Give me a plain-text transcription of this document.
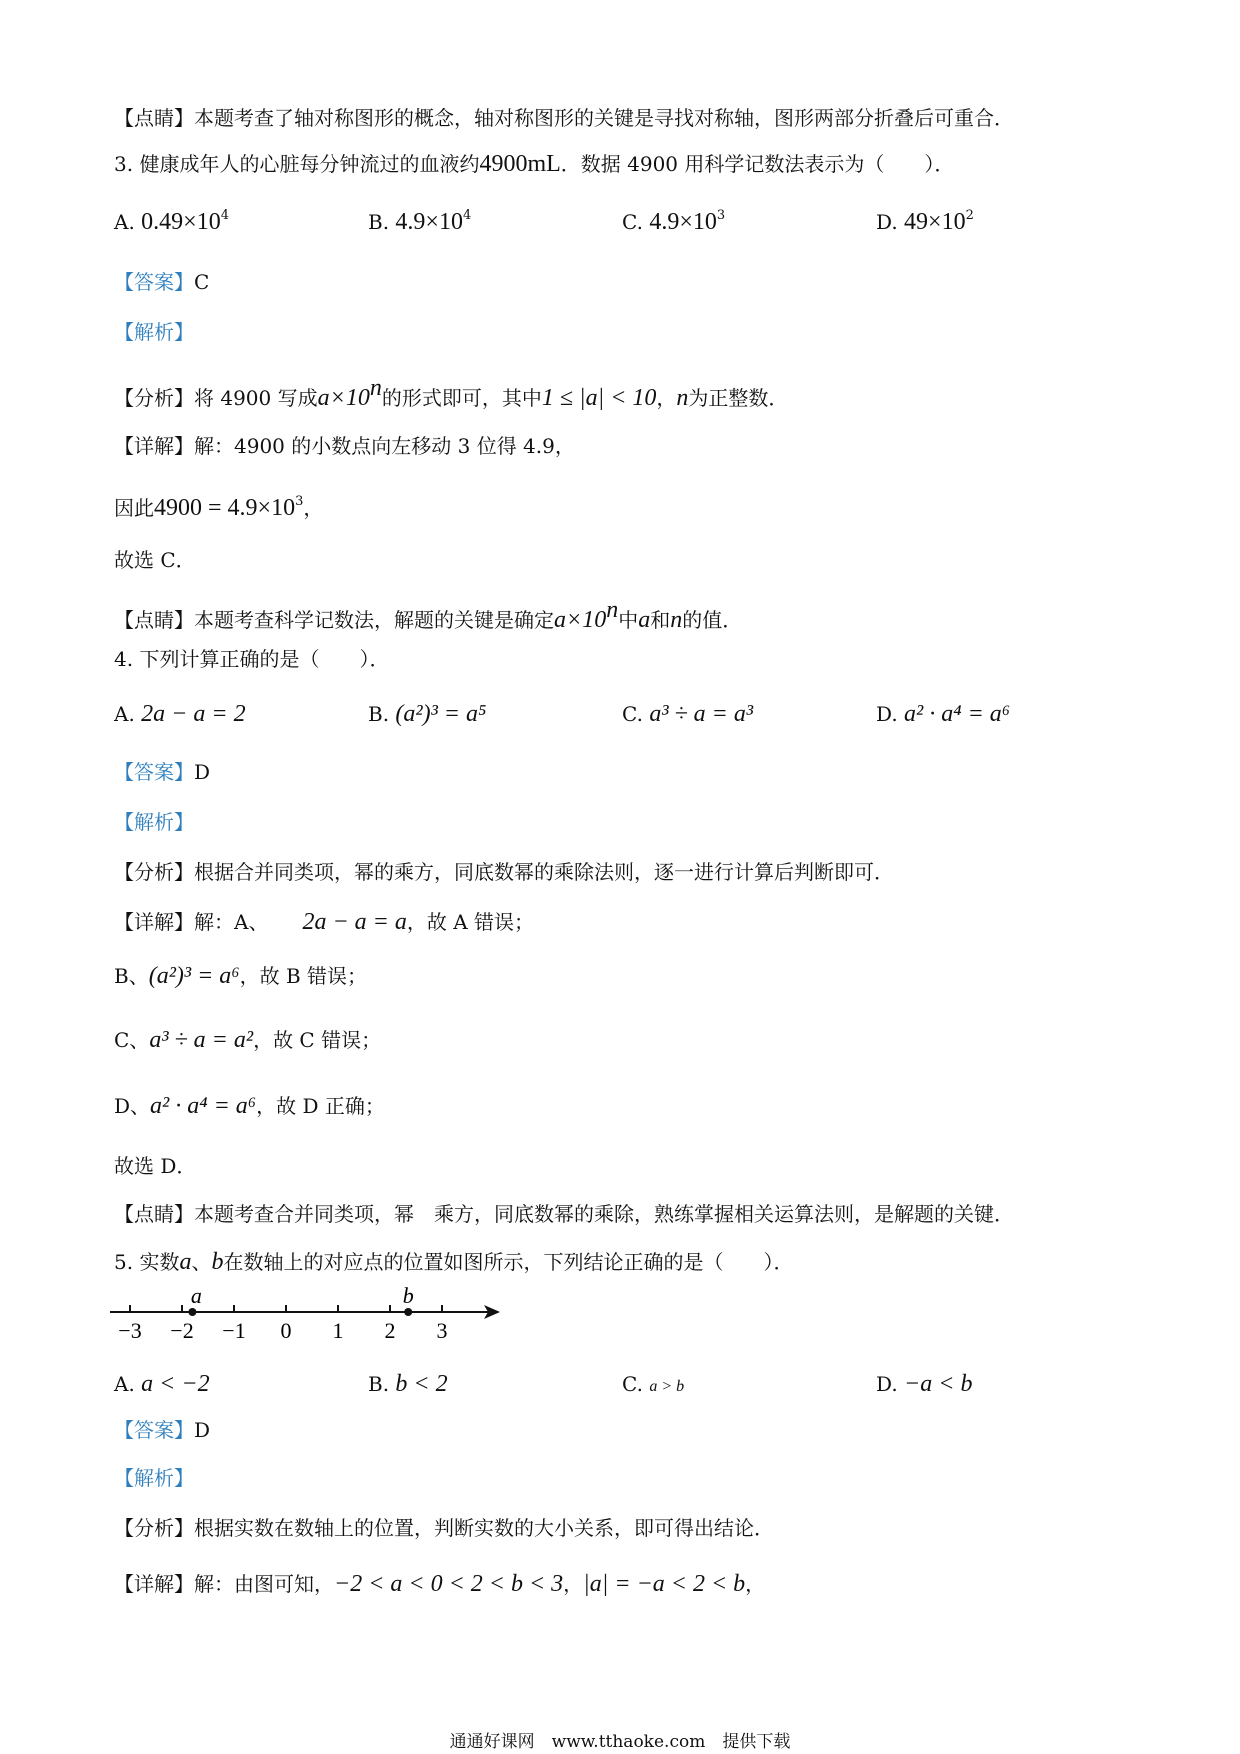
【点睛】本题考查了轴对称图形的概念，轴对称图形的关键是寻找对称轴，图形两部分折叠后可重合．
3. 健康成年人的心脏每分钟流过的血液约4900mL．数据 4900 用科学记数法表示为（　　）．
A. $0.49\times 10^4$	B. $4.9\times 10^4$	C. $4.9\times 10^3$	D. $49\times 10^2$
【答案】C
【解析】
【分析】将 4900 写成$a\times 10^n$的形式即可，其中1 ≤ |a| < 10，n为正整数．
【详解】解：4900 的小数点向左移动 3 位得 4.9，
因此$4900 = 4.9\times 10^3$，
故选 C．
【点睛】本题考查科学记数法，解题的关键是确定$a\times 10^n$中a和n的值．
4. 下列计算正确的是（　　）．
A. 2a − a = 2	B. (a²)³ = a⁵	C. a³ ÷ a = a³	D. a² · a⁴ = a⁶
【答案】D
【解析】
【分析】根据合并同类项，幂的乘方，同底数幂的乘除法则，逐一进行计算后判断即可．
【详解】解：A、 2a − a = a，故 A 错误；
B、(a²)³ = a⁶，故 B 错误；
C、a³ ÷ a = a²，故 C 错误；
D、a² · a⁴ = a⁶，故 D 正确；
故选 D．
【点睛】本题考查合并同类项，幂　乘方，同底数幂的乘除，熟练掌握相关运算法则，是解题的关键．
5. 实数a、b在数轴上的对应点的位置如图所示，下列结论正确的是（　　）．
−3 −2 −1 0 1 2 3
a	b
A. a < −2	B. b < 2	C. a > b	D. −a < b
【答案】D
【解析】
【分析】根据实数在数轴上的位置，判断实数的大小关系，即可得出结论．
【详解】解：由图可知，−2 < a < 0 < 2 < b < 3，|a| = −a < 2 < b，
通通好课网　www.tthaoke.com　提供下载
